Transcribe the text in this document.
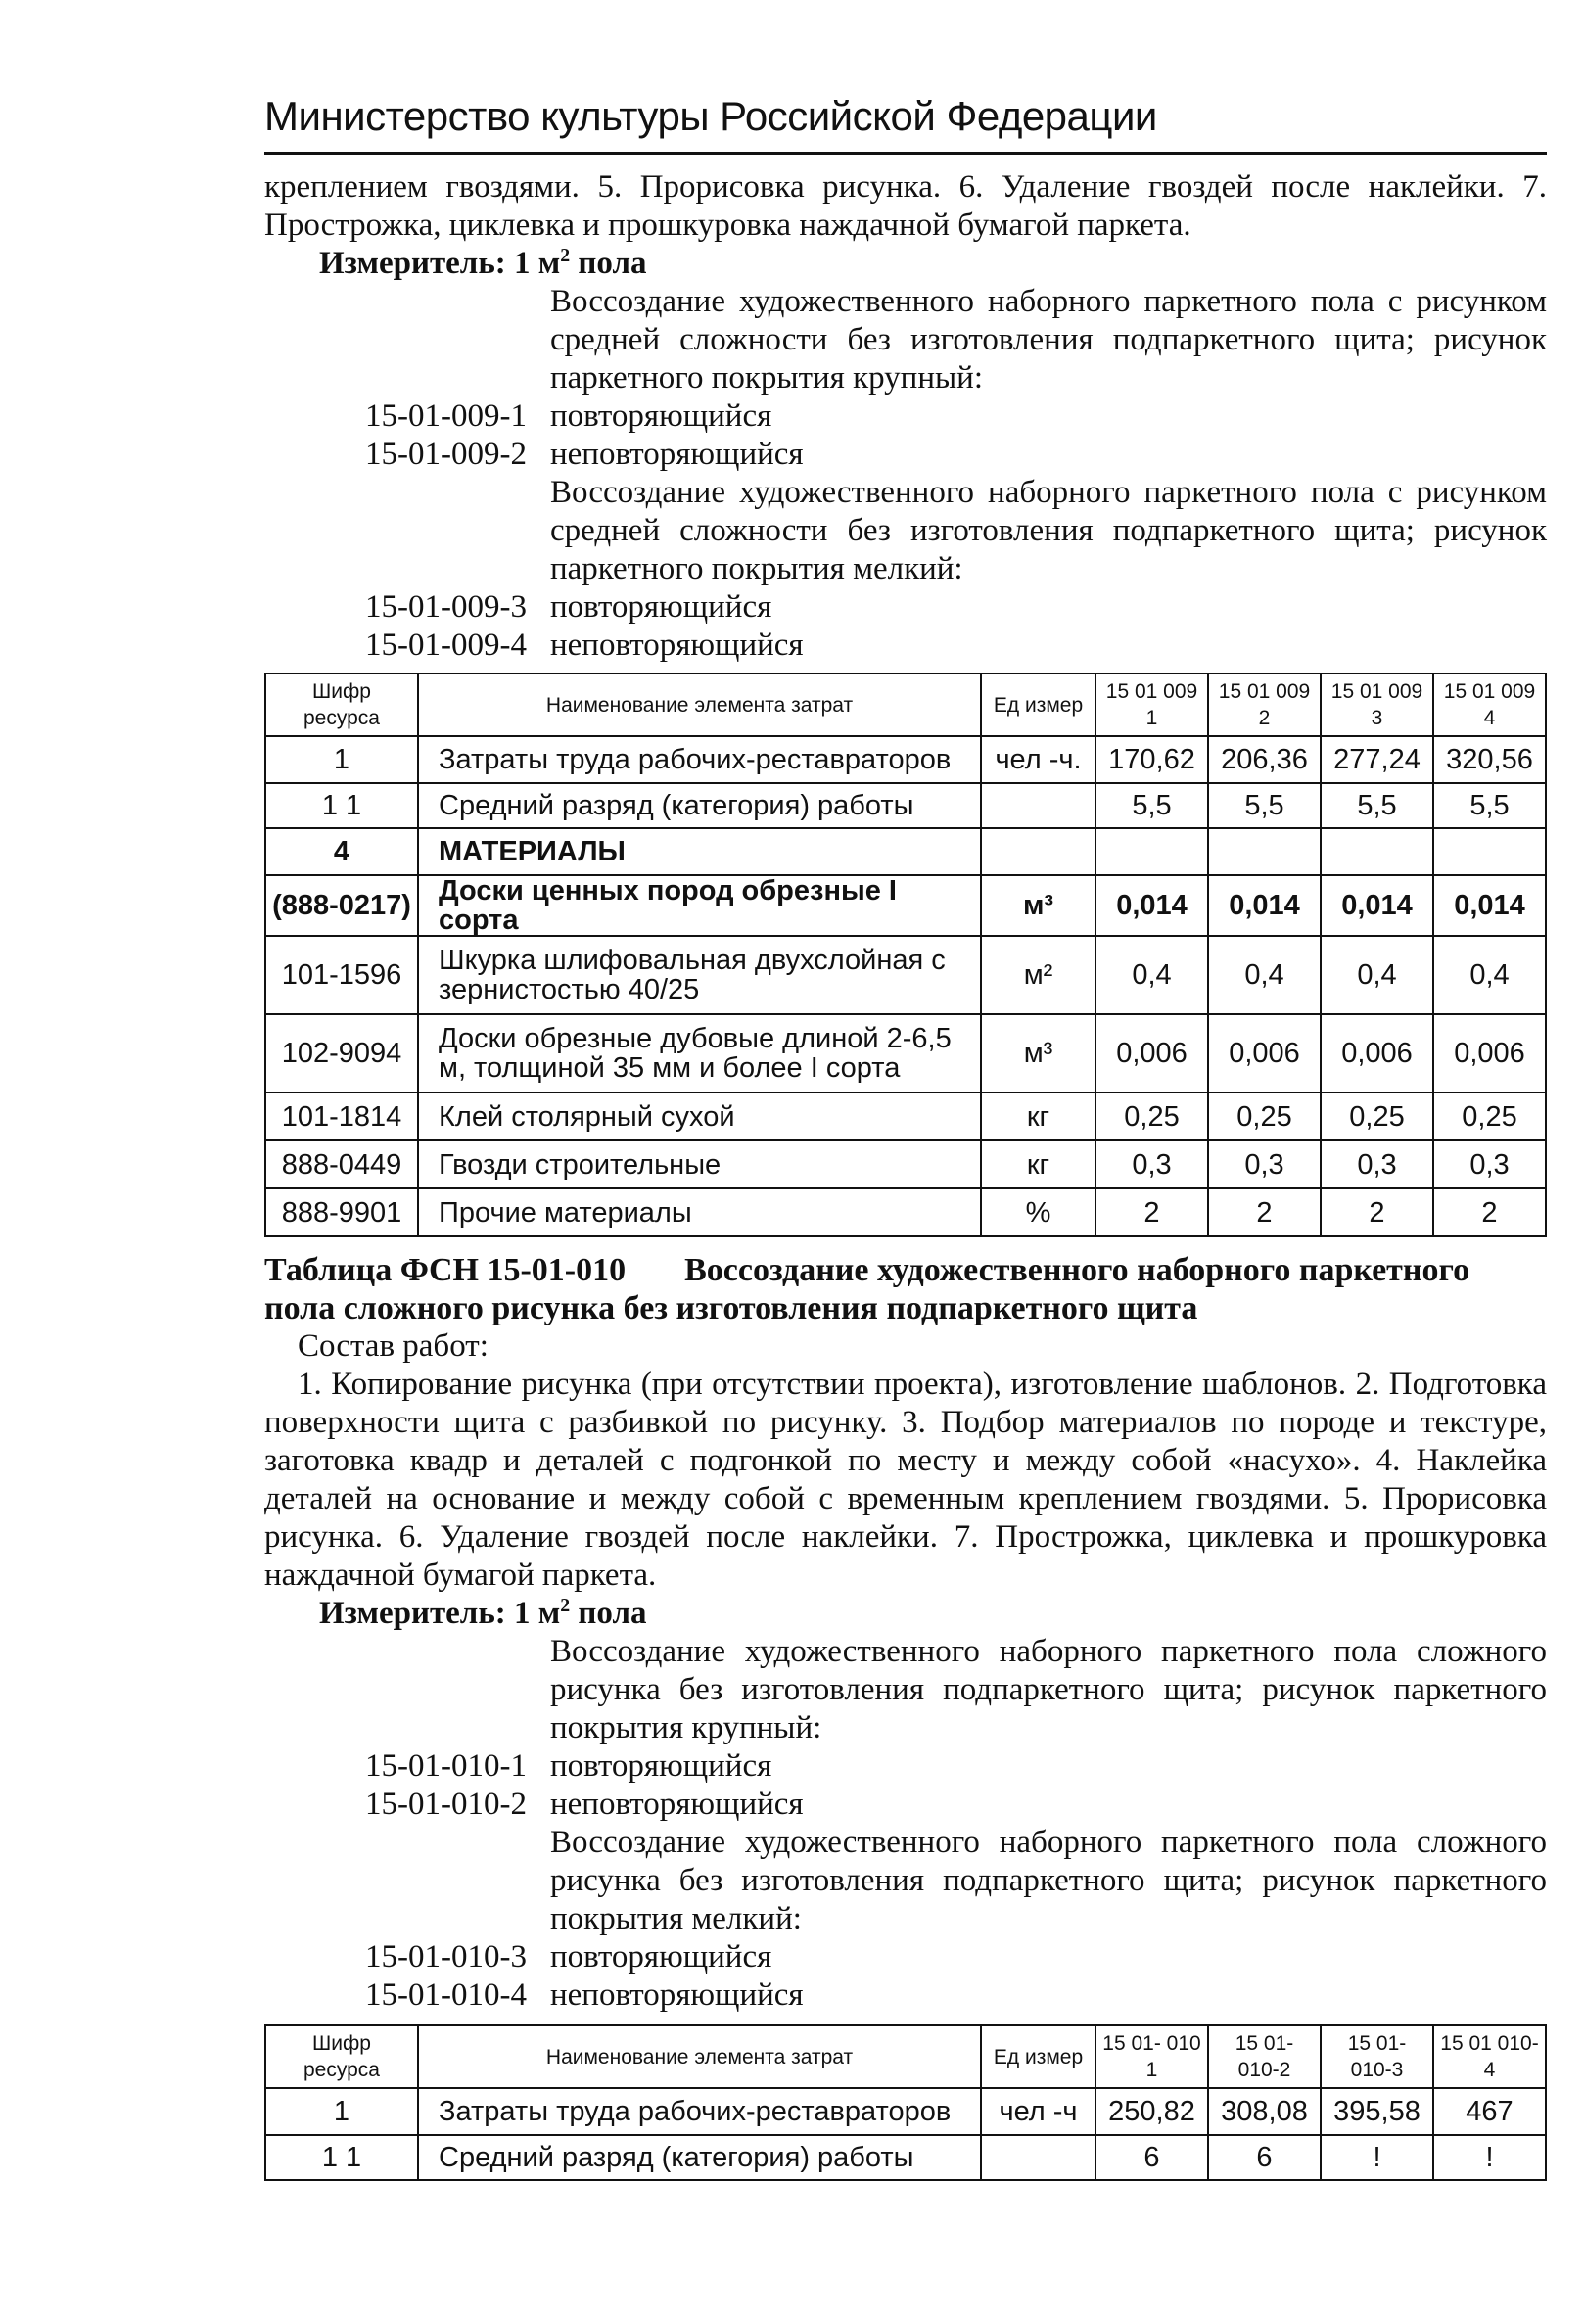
Министерство культуры Российской Федерации
креплением гвоздями. 5. Прорисовка рисунка. 6. Удаление гвоздей после наклейки. 7. Прострожка, циклевка и прошкуровка наждачной бумагой паркета.
Измеритель: 1 $м^2$ пола
Воссоздание художественного наборного паркетного пола с рисунком средней сложности без изготовления подпаркетного щита; рисунок паркетного покрытия крупный:
15-01-009-1 повторяющийся
15-01-009-2 неповторяющийся
Воссоздание художественного наборного паркетного пола с рисунком средней сложности без изготовления подпаркетного щита; рисунок паркетного покрытия мелкий:
15-01-009-3 повторяющийся
15-01-009-4 неповторяющийся
Шифр ресурса	Наименование элемента затрат	Ед измер	15 01 009 1	15 01 009 2	15 01 009 3	15 01 009 4
1	Затраты труда рабочих-реставраторов	чел -ч.	170,62	206,36	277,24	320,56
1 1	Средний разряд (категория) работы		5,5	5,5	5,5	5,5
4	МАТЕРИАЛЫ					
(888-0217)	Доски ценных пород обрезные I сорта	м³	0,014	0,014	0,014	0,014
101-1596	Шкурка шлифовальная двухслойная с зернистостью 40/25	м²	0,4	0,4	0,4	0,4
102-9094	Доски обрезные дубовые длиной 2-6,5 м, толщиной 35 мм и более I сорта	м³	0,006	0,006	0,006	0,006
101-1814	Клей столярный сухой	кг	0,25	0,25	0,25	0,25
888-0449	Гвозди строительные	кг	0,3	0,3	0,3	0,3
888-9901	Прочие материалы	%	2	2	2	2
Таблица ФСН 15-01-010 Воссоздание художественного наборного паркетного пола сложного рисунка без изготовления подпаркетного щита
Состав работ:
1. Копирование рисунка (при отсутствии проекта), изготовление шаблонов. 2. Подготовка поверхности щита с разбивкой по рисунку. 3. Подбор материалов по породе и текстуре, заготовка квадр и деталей с подгонкой по месту и между собой «насухо». 4. Наклейка деталей на основание и между собой с временным креплением гвоздями. 5. Прорисовка рисунка. 6. Удаление гвоздей после наклейки. 7. Прострожка, циклевка и прошкуровка наждачной бумагой паркета.
Измеритель: 1 $м^2$ пола
Воссоздание художественного наборного паркетного пола сложного рисунка без изготовления подпаркетного щита; рисунок паркетного покрытия крупный:
15-01-010-1 повторяющийся
15-01-010-2 неповторяющийся
Воссоздание художественного наборного паркетного пола сложного рисунка без изготовления подпаркетного щита; рисунок паркетного покрытия мелкий:
15-01-010-3 повторяющийся
15-01-010-4 неповторяющийся
Шифр ресурса	Наименование элемента затрат	Ед измер	15 01- 010 1	15 01- 010-2	15 01- 010-3	15 01 010-4
1	Затраты труда рабочих-реставраторов	чел -ч	250,82	308,08	395,58	467
1 1	Средний разряд (категория) работы		6	6	!	!
